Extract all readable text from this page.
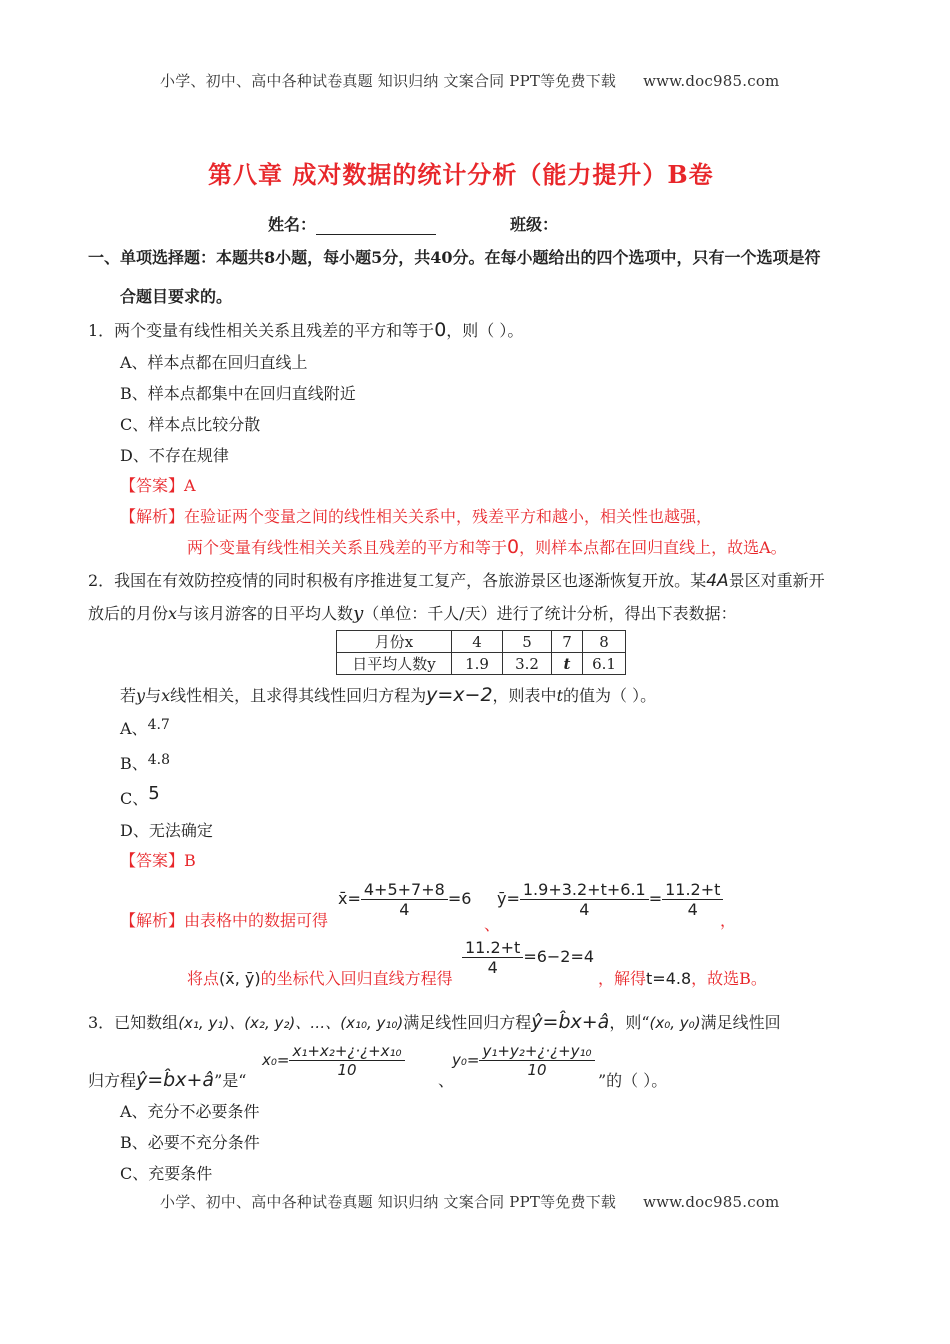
小学、初中、高中各种试卷真题 知识归纳 文案合同 PPT等免费下载 www.doc985.com
第八章 成对数据的统计分析（能力提升）B卷
姓名：	班级：
一、单项选择题：本题共8小题，每小题5分，共40分。在每小题给出的四个选项中，只有一个选项是符
合题目要求的。
1．两个变量有线性相关关系且残差的平方和等于0，则（ ）。
A、样本点都在回归直线上
B、样本点都集中在回归直线附近
C、样本点比较分散
D、不存在规律
【答案】A
【解析】在验证两个变量之间的线性相关关系中，残差平方和越小，相关性也越强，
两个变量有线性相关关系且残差的平方和等于0，则样本点都在回归直线上，故选A。
2．我国在有效防控疫情的同时积极有序推进复工复产，各旅游景区也逐渐恢复开放。某4A景区对重新开
放后的月份x与该月游客的日平均人数y（单位：千人/天）进行了统计分析，得出下表数据：
月份x	4	5	7	8
日平均人数y	1.9	3.2	t	6.1
若y与x线性相关，且求得其线性回归方程为y=x−2，则表中t的值为（ ）。
A、4.7
B、4.8
C、5
D、无法确定
【答案】B
【解析】由表格中的数据可得
x̄= $\frac{4+5+7+8}{4} =6$
、
ȳ= $\frac{1.9+3.2+t+6.1}{4} = \frac{11.2+t}{4}$
，
将点(x̄, ȳ)的坐标代入回归直线方程得
$\frac{11.2+t}{4} =6-2=4$
，解得t=4.8，故选B。
3．已知数组(x₁, y₁)、(x₂, y₂)、…、(x₁₀, y₁₀)满足线性回归方程ŷ=b̂x+â，则“(x₀, y₀)满足线性回
归方程ŷ=b̂x+â”是“
$x_0= \frac{\text{x₁+x₂+¿·¿+x₁₀}}{10}$
、
$y_0= \frac{\text{y₁+y₂+¿·¿+y₁₀}}{10}$
”的（ ）。
A、充分不必要条件
B、必要不充分条件
C、充要条件
小学、初中、高中各种试卷真题 知识归纳 文案合同 PPT等免费下载 www.doc985.com
